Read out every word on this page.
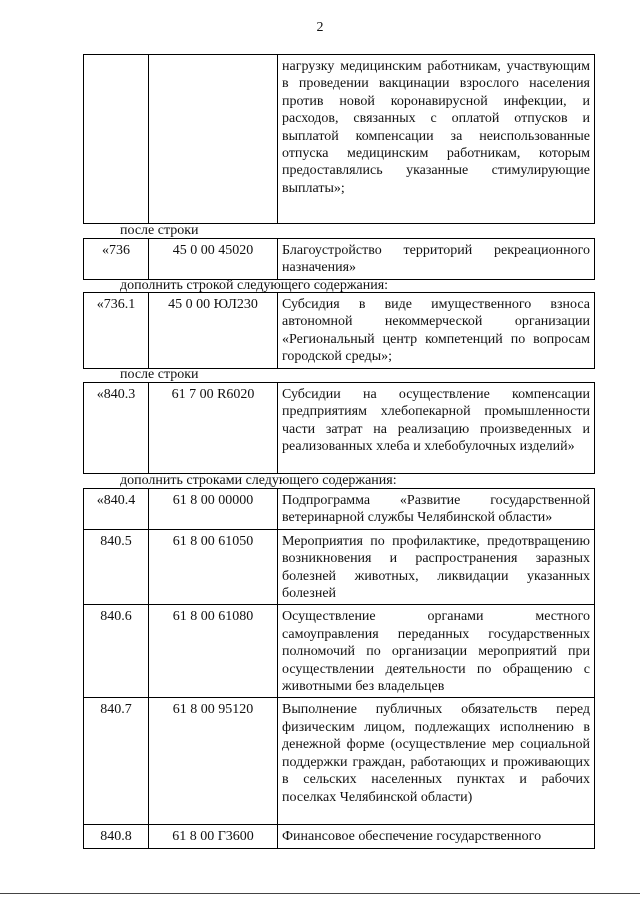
2
		нагрузку медицинским работникам, участвующим в проведении вакцинации взрослого населения против новой коронавирусной инфекции, и расходов, связанных с оплатой отпусков и выплатой компенсации за неиспользованные отпуска медицинским работникам, которым предоставлялись указанные стимулирующие выплаты»;
после строки
«736	45 0 00 45020	Благоустройство территорий рекреационного назначения»
дополнить строкой следующего содержания:
«736.1	45 0 00 ЮЛ230	Субсидия в виде имущественного взноса автономной некоммерческой организации «Региональный центр компетенций по вопросам городской среды»;
после строки
«840.3	61 7 00 R6020	Субсидии на осуществление компенсации предприятиям хлебопекарной промышленности части затрат на реализацию произведенных и реализованных хлеба и хлебобулочных изделий»
дополнить строками следующего содержания:
«840.4	61 8 00 00000	Подпрограмма «Развитие государственной ветеринарной службы Челябинской области»
840.5	61 8 00 61050	Мероприятия по профилактике, предотвращению возникновения и распространения заразных болезней животных, ликвидации указанных болезней
840.6	61 8 00 61080	Осуществление органами местного самоуправления переданных государственных полномочий по организации мероприятий при осуществлении деятельности по обращению с животными без владельцев
840.7	61 8 00 95120	Выполнение публичных обязательств перед физическим лицом, подлежащих исполнению в денежной форме (осуществление мер социальной поддержки граждан, работающих и проживающих в сельских населенных пунктах и рабочих поселках Челябинской области)
840.8	61 8 00 Г3600	Финансовое обеспечение государственного
